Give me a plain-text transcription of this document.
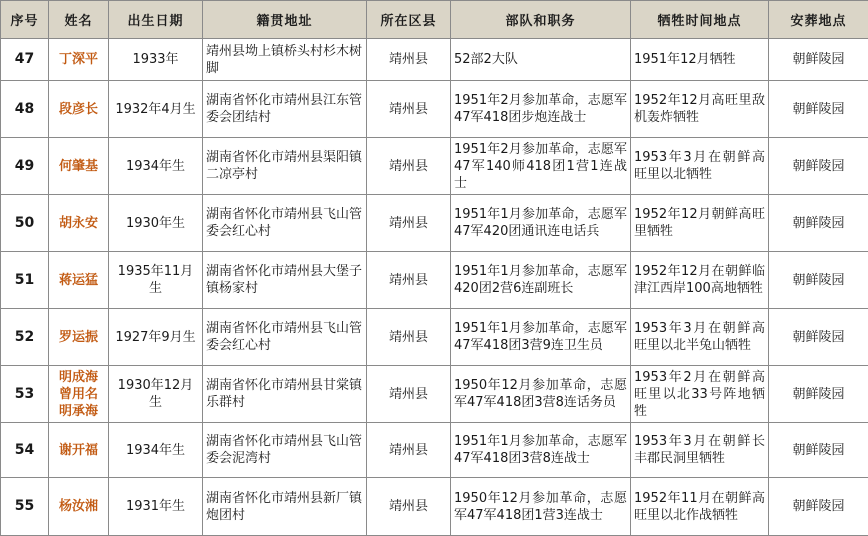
序号	姓名	出生日期	籍贯地址	所在区县	部队和职务	牺牲时间地点	安葬地点
47	丁深平	1933年	靖州县坳上镇桥头村杉木树脚	靖州县	52部2大队	1951年12月牺牲	朝鲜陵园
48	段彦长	1932年4月生	湖南省怀化市靖州县江东管委会团结村	靖州县	1951年2月参加革命，志愿军47军418团步炮连战士	1952年12月高旺里敌机轰炸牺牲	朝鲜陵园
49	何肇基	1934年生	湖南省怀化市靖州县渠阳镇二凉亭村	靖州县	1951年2月参加革命，志愿军47军140师418团1营1连战士	1953年3月在朝鲜高旺里以北牺牲	朝鲜陵园
50	胡永安	1930年生	湖南省怀化市靖州县飞山管委会红心村	靖州县	1951年1月参加革命，志愿军47军420团通讯连电话兵	1952年12月朝鲜高旺里牺牲	朝鲜陵园
51	蒋运猛	1935年11月生	湖南省怀化市靖州县大堡子镇杨家村	靖州县	1951年1月参加革命，志愿军420团2营6连副班长	1952年12月在朝鲜临津江西岸100高地牺牲	朝鲜陵园
52	罗运振	1927年9月生	湖南省怀化市靖州县飞山管委会红心村	靖州县	1951年1月参加革命，志愿军47军418团3营9连卫生员	1953年3月在朝鲜高旺里以北半兔山牺牲	朝鲜陵园
53	明成海曾用名明承海	1930年12月生	湖南省怀化市靖州县甘棠镇乐群村	靖州县	1950年12月参加革命，志愿军47军418团3营8连话务员	1953年2月在朝鲜高旺里以北33号阵地牺牲	朝鲜陵园
54	谢开福	1934年生	湖南省怀化市靖州县飞山管委会泥湾村	靖州县	1951年1月参加革命，志愿军47军418团3营8连战士	1953年3月在朝鲜长丰郡民洞里牺牲	朝鲜陵园
55	杨汝湘	1931年生	湖南省怀化市靖州县新厂镇炮团村	靖州县	1950年12月参加革命，志愿军47军418团1营3连战士	1952年11月在朝鲜高旺里以北作战牺牲	朝鲜陵园
